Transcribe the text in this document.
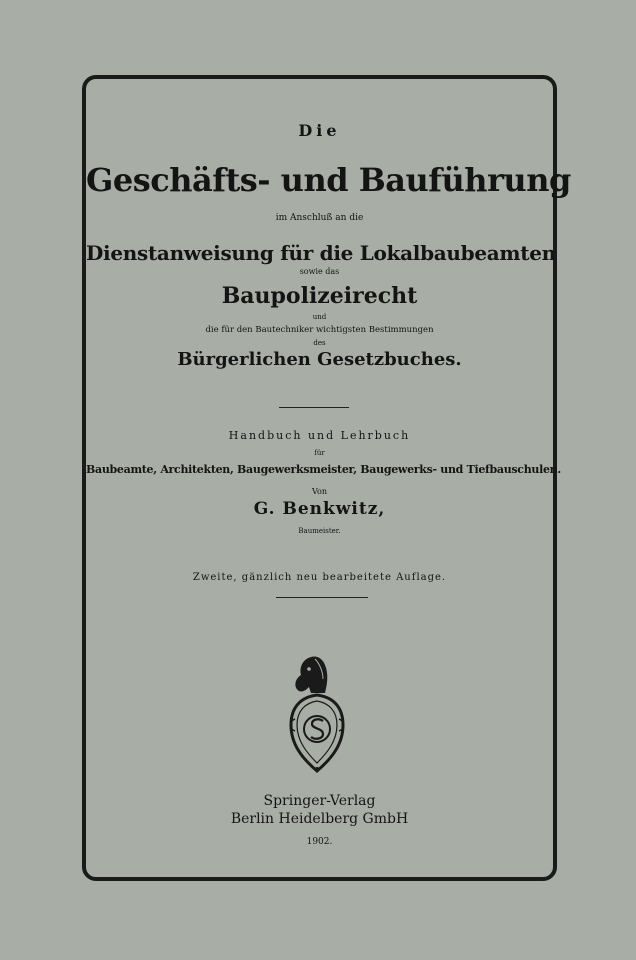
Die
Geschäfts- und Bauführung
im Anschluß an die
Dienstanweisung für die Lokalbaubeamten
sowie das
Baupolizeirecht
und
die für den Bautechniker wichtigsten Bestimmungen
des
Bürgerlichen Gesetzbuches.
Handbuch und Lehrbuch
für
Baubeamte, Architekten, Baugewerksmeister, Baugewerks- und Tiefbauschulen.
Von
G. Benkwitz,
Baumeister.
Zweite, gänzlich neu bearbeitete Auflage.
Springer-Verlag
Berlin Heidelberg GmbH
1902.
